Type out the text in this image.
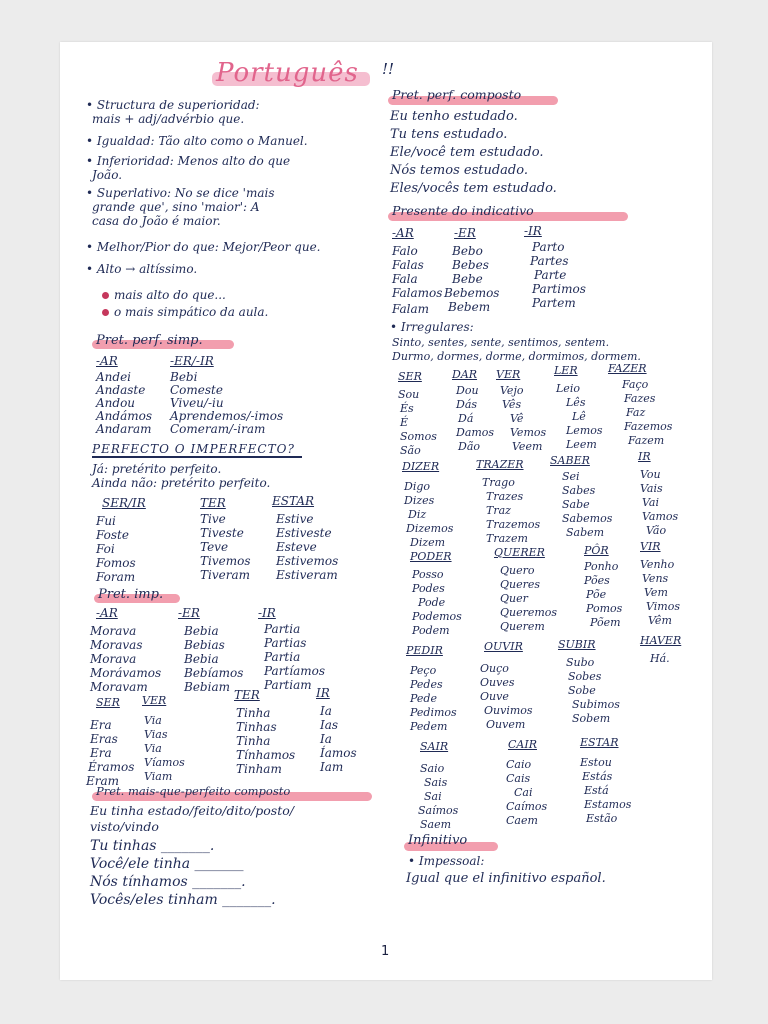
Português !!
• Structura de superioridad:
mais + adj/advérbio que.
• Igualdad: Tão alto como o Manuel.
• Inferioridad: Menos alto do que
João.
• Superlativo: No se dice 'mais
grande que', sino 'maior': A
casa do João é maior.
• Melhor/Pior do que: Mejor/Peor que.
• Alto → altíssimo.
mais alto do que...
o mais simpático da aula.
Pret. perf. simp.
-AR
Andei
Andaste
Andou
Andámos
Andaram
-ER/-IR
Bebi
Comeste
Viveu/-iu
Aprendemos/-imos
Comeram/-iram
PERFECTO O IMPERFECTO?
Já: pretérito perfeito.
Ainda não: pretérito perfeito.
SER/IR
Fui
Foste
Foi
Fomos
Foram
TER
Tive
Tiveste
Teve
Tivemos
Tiveram
ESTAR
Estive
Estiveste
Esteve
Estivemos
Estiveram
Pret. imp.
-AR
Morava
Moravas
Morava
Morávamos
Moravam
-ER
Bebia
Bebias
Bebia
Bebíamos
Bebiam
-IR
Partia
Partias
Partia
Partíamos
Partiam
SER
Era
Eras
Era
Éramos
Eram
VER
Via
Vias
Via
Víamos
Viam
TER
Tinha
Tinhas
Tinha
Tínhamos
Tinham
IR
Ia
Ias
Ia
Íamos
Iam
Pret. mais-que-perfeito composto
Eu tinha estado/feito/dito/posto/
visto/vindo
Tu tinhas _______.
Você/ele tinha _______
Nós tínhamos _______.
Vocês/eles tinham _______.
Pret. perf. composto
Eu tenho estudado.
Tu tens estudado.
Ele/você tem estudado.
Nós temos estudado.
Eles/vocês tem estudado.
Presente do indicativo
-AR
Falo
Falas
Fala
Falamos
Falam
-ER
Bebo
Bebes
Bebe
Bebemos
Bebem
-IR
Parto
Partes
Parte
Partimos
Partem
• Irregulares:
Sinto, sentes, sente, sentimos, sentem.
Durmo, dormes, dorme, dormimos, dormem.
SER
Sou
És
É
Somos
São
DAR
Dou
Dás
Dá
Damos
Dão
VER
Vejo
Vês
Vê
Vemos
Veem
LER
Leio
Lês
Lê
Lemos
Leem
FAZER
Faço
Fazes
Faz
Fazemos
Fazem
DIZER
Digo
Dizes
Diz
Dizemos
Dizem
TRAZER
Trago
Trazes
Traz
Trazemos
Trazem
SABER
Sei
Sabes
Sabe
Sabemos
Sabem
IR
Vou
Vais
Vai
Vamos
Vão
PODER
Posso
Podes
Pode
Podemos
Podem
QUERER
Quero
Queres
Quer
Queremos
Querem
PÔR
Ponho
Pões
Põe
Pomos
Põem
VIR
Venho
Vens
Vem
Vimos
Vêm
PEDIR
Peço
Pedes
Pede
Pedimos
Pedem
OUVIR
Ouço
Ouves
Ouve
Ouvimos
Ouvem
SUBIR
Subo
Sobes
Sobe
Subimos
Sobem
HAVER
Há.
SAIR
Saio
Sais
Sai
Saímos
Saem
CAIR
Caio
Cais
Cai
Caímos
Caem
ESTAR
Estou
Estás
Está
Estamos
Estão
Infinitivo
• Impessoal:
Igual que el infinitivo español.
1
